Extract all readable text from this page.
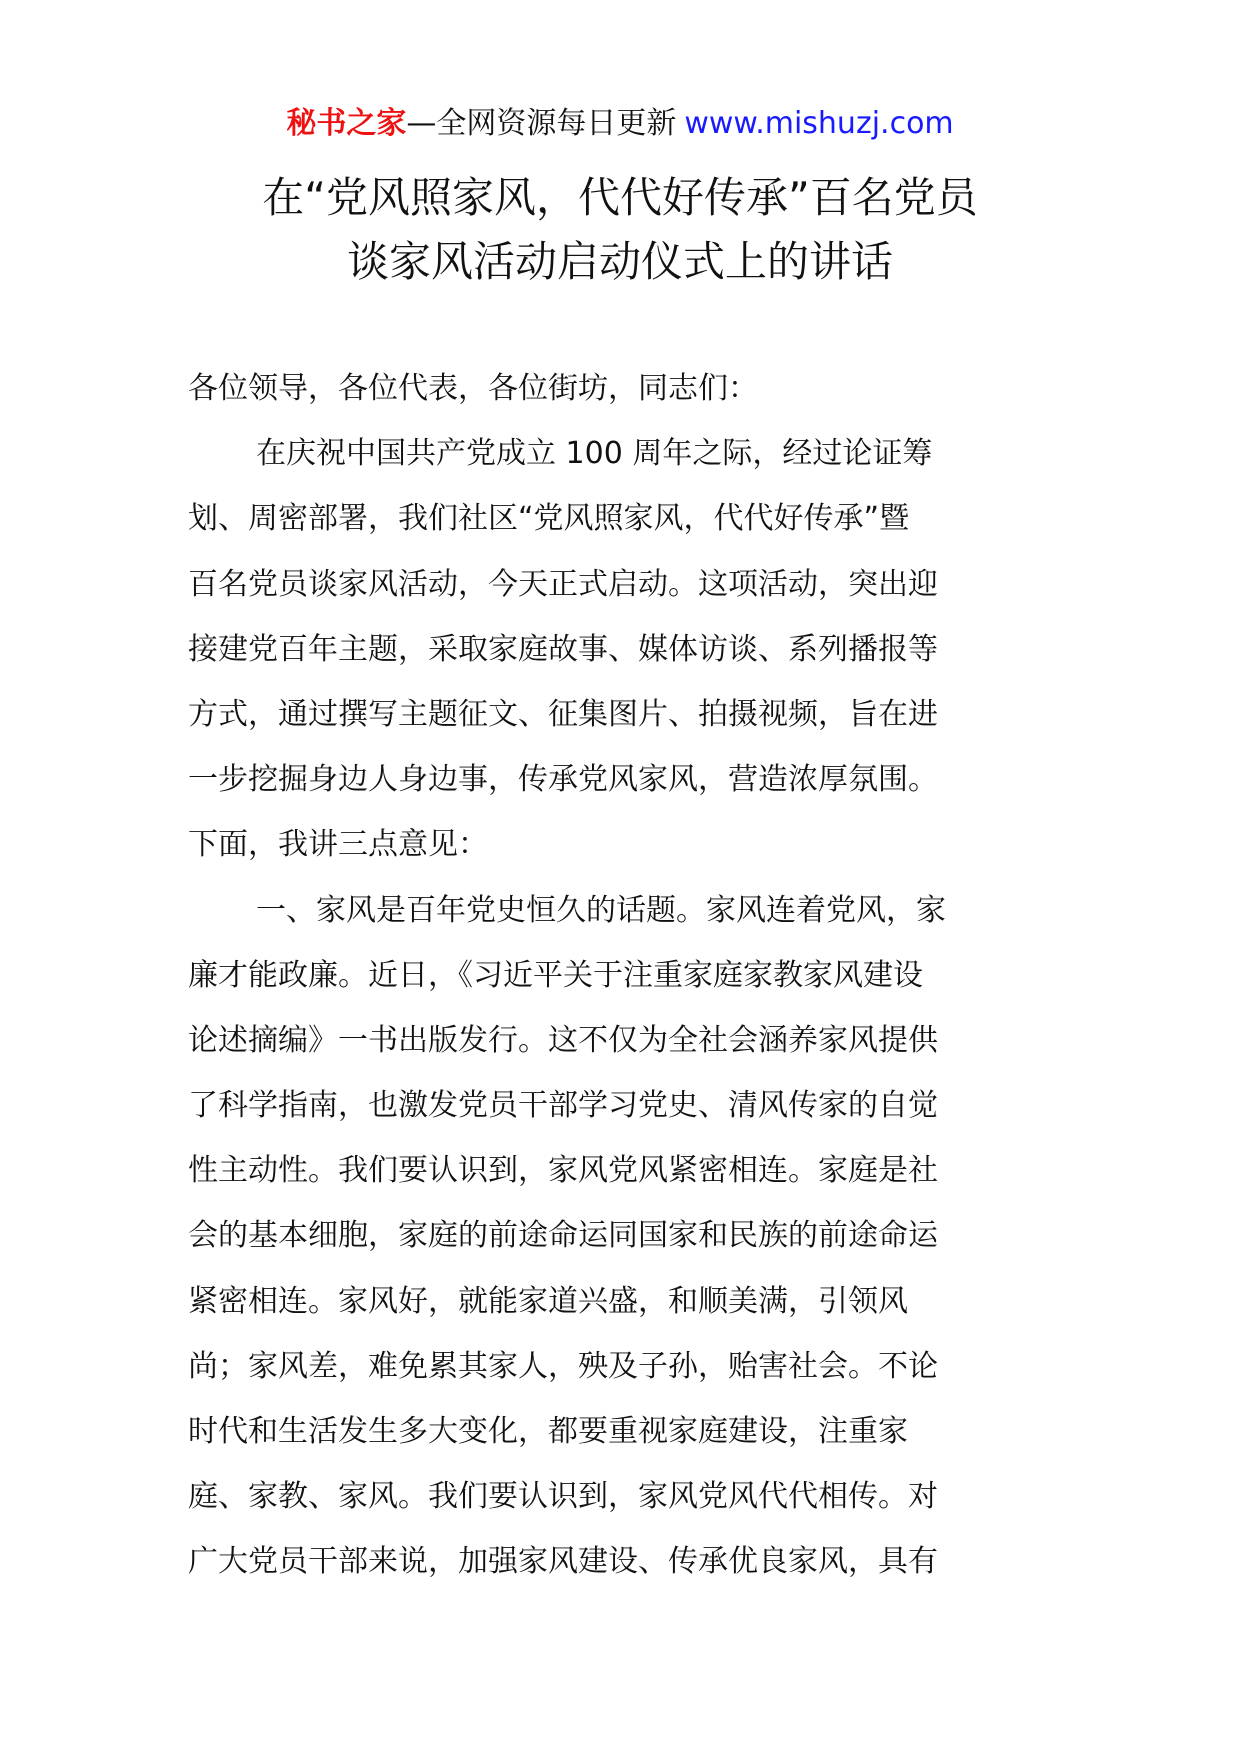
秘书之家—全网资源每日更新 www.mishuzj.com
在“党风照家风，代代好传承”百名党员
谈家风活动启动仪式上的讲话
各位领导，各位代表，各位街坊，同志们：
在庆祝中国共产党成立 100 周年之际，经过论证筹
划、周密部署，我们社区“党风照家风，代代好传承”暨
百名党员谈家风活动，今天正式启动。这项活动，突出迎
接建党百年主题，采取家庭故事、媒体访谈、系列播报等
方式，通过撰写主题征文、征集图片、拍摄视频，旨在进
一步挖掘身边人身边事，传承党风家风，营造浓厚氛围。
下面，我讲三点意见：
一、家风是百年党史恒久的话题。家风连着党风，家
廉才能政廉。近日，《习近平关于注重家庭家教家风建设
论述摘编》一书出版发行。这不仅为全社会涵养家风提供
了科学指南，也激发党员干部学习党史、清风传家的自觉
性主动性。我们要认识到，家风党风紧密相连。家庭是社
会的基本细胞，家庭的前途命运同国家和民族的前途命运
紧密相连。家风好，就能家道兴盛，和顺美满，引领风
尚；家风差，难免累其家人，殃及子孙，贻害社会。不论
时代和生活发生多大变化，都要重视家庭建设，注重家
庭、家教、家风。我们要认识到，家风党风代代相传。对
广大党员干部来说，加强家风建设、传承优良家风，具有
